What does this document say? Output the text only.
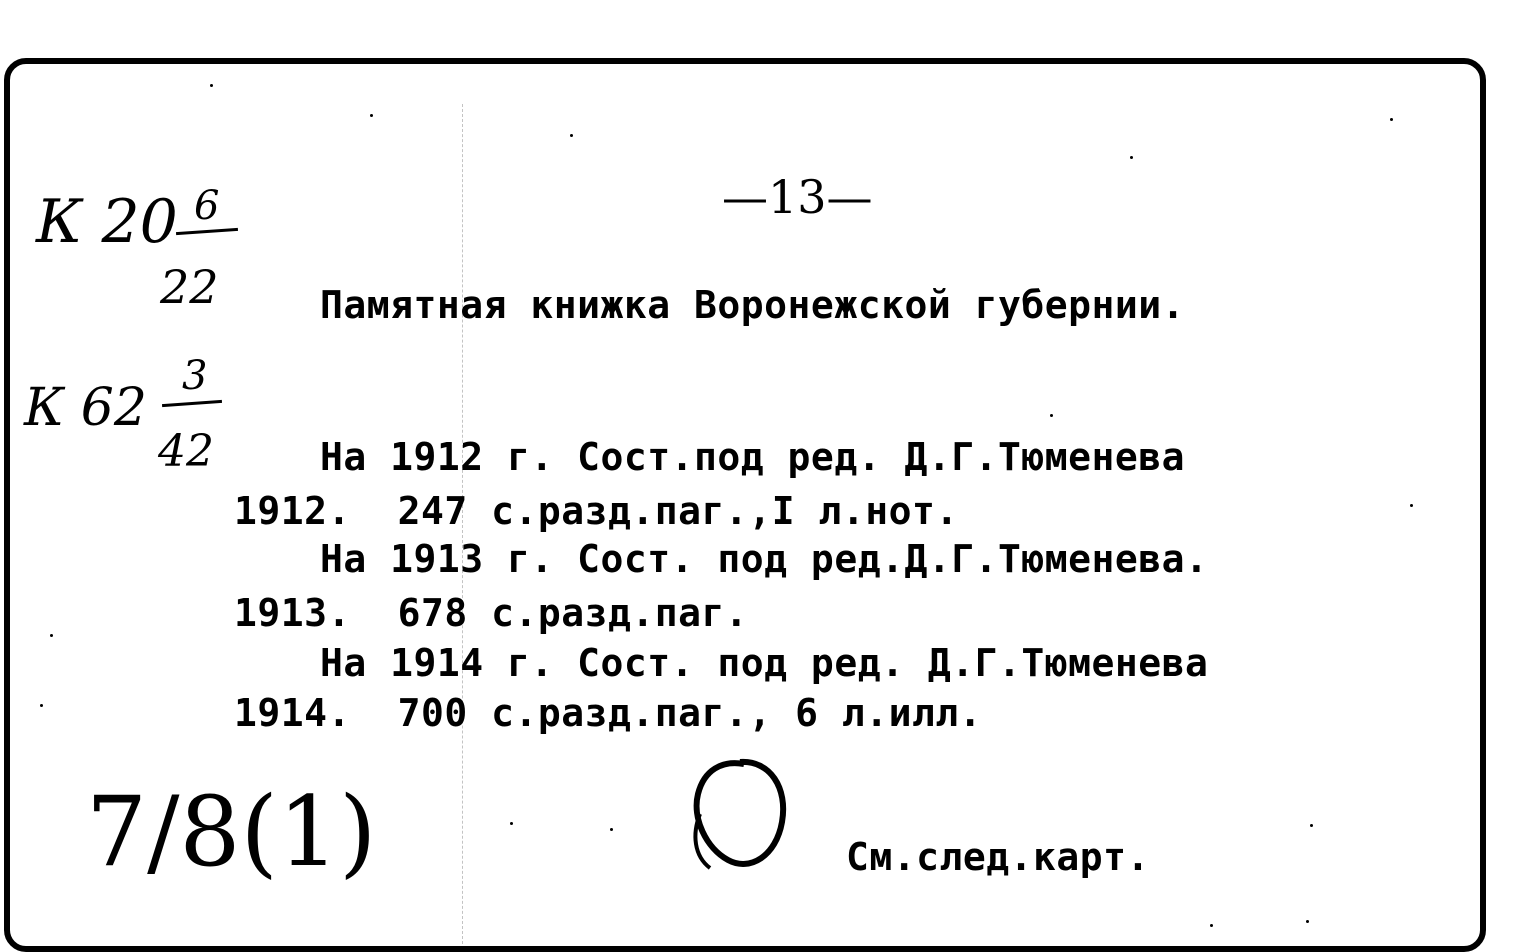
К 20 6
22
К 62
3
42
—13—
Памятная книжка Воронежской губернии.
На 1912 г. Сост.под ред. Д.Г.Тюменева
1912.  247 с.разд.паг.,I л.нот.
На 1913 г. Сост. под ред.Д.Г.Тюменева.
1913.  678 с.разд.паг.
На 1914 г. Сост. под ред. Д.Г.Тюменева
1914.  700 с.разд.паг., 6 л.илл.
7/8(1)	См.след.карт.
